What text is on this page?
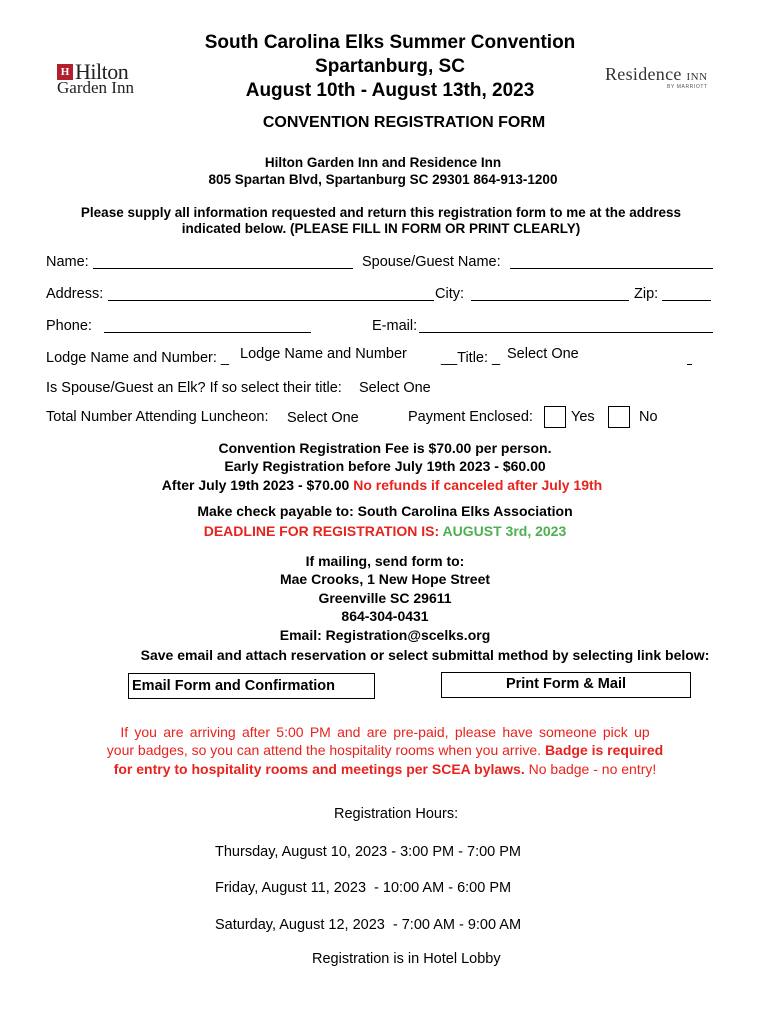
H Hilton
Garden Inn
Residence INN
BY MARRIOTT
South Carolina Elks Summer Convention
Spartanburg, SC
August 10th - August 13th, 2023
CONVENTION REGISTRATION FORM
Hilton Garden Inn and Residence Inn
805 Spartan Blvd, Spartanburg SC 29301 864-913-1200
Please supply all information requested and return this registration form to me at the address
indicated below. (PLEASE FILL IN FORM OR PRINT CLEARLY)
Name:	Spouse/Guest Name:
Address:	City:	Zip:
Phone:	E-mail:
Lodge Name and Number: _ Lodge Name and Number __Title: _ Select One
Is Spouse/Guest an Elk? If so select their title: Select One
Total Number Attending Luncheon: Select One	Payment Enclosed:	Yes	No
Convention Registration Fee is $70.00 per person.
Early Registration before July 19th 2023 - $60.00
After July 19th 2023 - $70.00 No refunds if canceled after July 19th
Make check payable to: South Carolina Elks Association
DEADLINE FOR REGISTRATION IS: AUGUST 3rd, 2023
If mailing, send form to:
Mae Crooks, 1 New Hope Street
Greenville SC 29611
864-304-0431
Email: Registration@scelks.org
Save email and attach reservation or select submittal method by selecting link below:
Email Form and Confirmation	Print Form & Mail
If you are arriving after 5:00 PM and are pre-paid, please have someone pick up
your badges, so you can attend the hospitality rooms when you arrive. Badge is required
for entry to hospitality rooms and meetings per SCEA bylaws. No badge - no entry!
Registration Hours:
Thursday, August 10, 2023 - 3:00 PM - 7:00 PM
Friday, August 11, 2023  - 10:00 AM - 6:00 PM
Saturday, August 12, 2023  - 7:00 AM - 9:00 AM
Registration is in Hotel Lobby
